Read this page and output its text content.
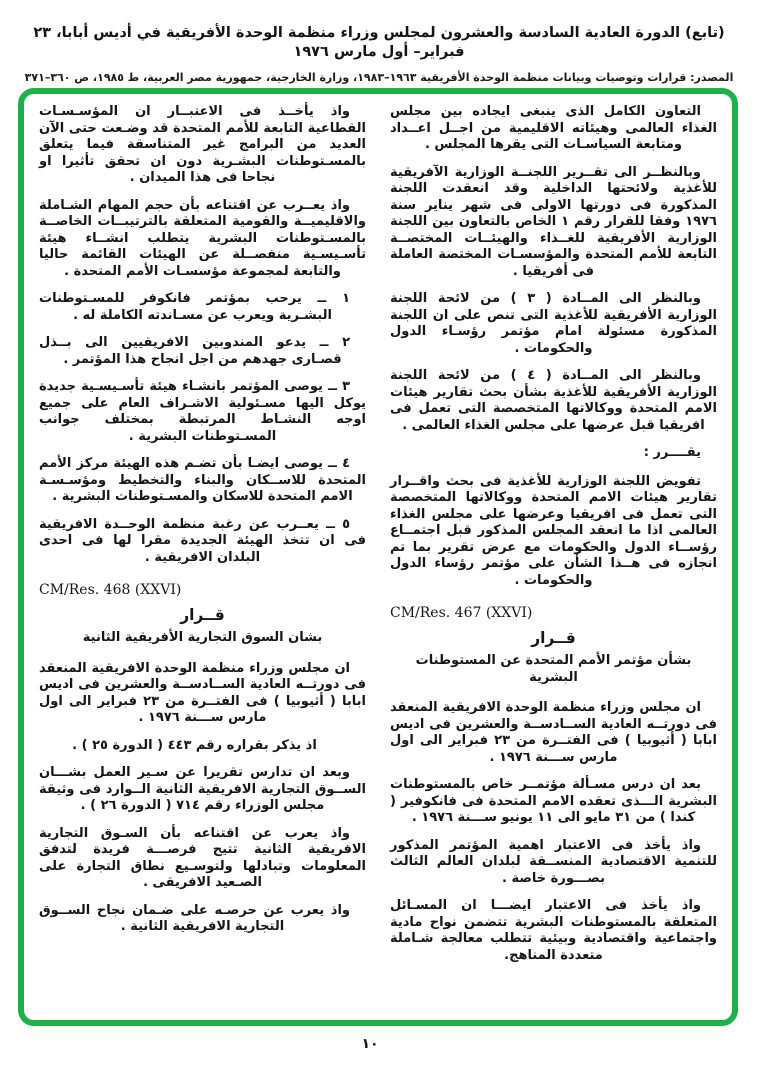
(تابع) الدورة العادية السادسة والعشرون لمجلس وزراء منظمة الوحدة الأفريقية في أديس أبابا، ٢٣ فبراير– أول مارس ١٩٧٦
المصدر: قرارات وتوصيات وبيانات منظمة الوحدة الأفريقية ١٩٦٣–١٩٨٣، وزارة الخارجية، جمهورية مصر العربية، ط ١٩٨٥، ص ٣٦٠–٣٧١

التعاون الكامل الذى ينبغى ايجاده بين مجلس الغذاء العالمى وهيئاته الاقليمية من اجــل اعــداد ومتابعة السياسـات التى يقرها المجلس .

وبالنظــر الى تقــرير اللجنــة الوزارية الآفريقية للأغذية ولائحتها الداخلية وقد انعقدت اللجنة المذكورة فى دورتها الاولى فى شهر يناير سنة ١٩٧٦ وفقا للقرار رقم ١ الخاص بالتعاون بين اللجنة الوزارية الأفريقية للغــذاء والهيئــات المختصــة التابعة للأمم المتحدة والمؤسسـات المختصة العاملة فى أفريقيا .

وبالنظر الى المــادة ( ٣ ) من لائحة اللجنة الوزارية الأفريقية للأغذية التى تنص على ان اللجنة المذكورة مسئولة امام مؤتمر رؤسـاء الدول والحكومات .

وبالنظر الى المــادة ( ٤ ) من لائحة اللجنة الوزارية الأفريقية للأغذية بشأن بحث تقارير هيئات الامم المتحدة ووكالاتها المتخصصة التى تعمل فى افريقيا قبل عرضها على مجلس الغذاء العالمى .

يقــــرر :

تفويض اللجنة الوزارية للأغذية فى بحث واقــرار تقارير هيئات الامم المتحدة ووكالاتها المتخصصة التى تعمل فى افريقيا وعرضها على مجلس الغذاء العالمى اذا ما انعقد المجلس المذكور قبل اجتمــاع رؤســاء الدول والحكومات مع عرض تقرير بما تم انجازه فى هــذا الشأن على مؤتمر رؤساء الدول والحكومات .

CM/Res. 467 (XXVI)
قــرار
بشأن مؤتمر الأمم المتحدة عن المستوطنات البشرية

ان مجلس وزراء منظمة الوحدة الافريقية المنعقد فى دورتــه العادية الســادســة والعشرين فى اديس ابابا ( أثيوبيا ) فى الفتــرة من ٢٣ فبراير الى اول مارس ســـنة ١٩٧٦ .

بعد ان درس مسـألة مؤتمــر خاص بالمستوطنات البشرية الـــذى تعقده الامم المتحدة فى فانكوفير ( كندا ) من ٣١ مايو الى ١١ يونيو ســـنة ١٩٧٦ .

واذ يأخذ فى الاعتبار اهمية المؤتمر المذكور للتنمية الاقتصادية المنســقة لبلدان العالم الثالث بصـــورة خاصة .

واذ يأخذ فى الاعتبار ايضـــا ان المسـائل المتعلقة بالمستوطنات البشرية تتضمن نواح مادية واجتماعية واقتصادية وبيئية تتطلب معالجة شـاملة متعددة المناهج.

واذ يأخــذ فى الاعتبــار ان المؤسـسـات القطاعية التابعة للأمم المتحدة قد وضـعت حتى الآن العديد من البرامج غير المتناسقة فيما يتعلق بالمسـتوطنات البشـرية دون ان تحقق تأثيرا او نجاحا فى هذا الميدان .

واذ يعــرب عن اقتناعه بأن حجم المهام الشـاملة والاقليميــة والقومية المتعلقة بالترتيبــات الخاصــة بالمسـتوطنات البشرية يتطلب انشــاء هيئة تأسـيسـية منفصــلة عن الهيئات القائمة حاليا والتابعة لمجموعة مؤسسـات الأمم المتحدة .

١ ــ يرحب بمؤتمر فانكوفر للمسـتوطنات البشـرية ويعرب عن مسـاندته الكاملة له .

٢ ــ يدعو المندوبين الافريقيين الى بــذل قصـارى جهدهم من اجل انجاح هذا المؤتمر .

٣ ــ يوصى المؤتمر بانشـاء هيئة تأسـيسـية جديدة يوكل اليها مسـئولية الاشـراف العام على جميع اوجه النشـاط المرتبطة بمختلف جوانب المسـتوطنات البشرية .

٤ ــ يوصى ايضـا بأن تضـم هذه الهيئة مركز الأمم المتحدة للاســكان والبناء والتخطيط ومؤسـسـة الامم المتحدة للاسكان والمسـتوطنات البشرية .

٥ ــ يعــرب عن رغبة منظمة الوحــدة الافريقية فى ان تتخذ الهيئة الجديدة مقرا لها فى احدى البلدان الافريقية .

CM/Res. 468 (XXVI)
قــرار
بشان السوق التجارية الأفريقية الثانية

ان مجلس وزراء منظمة الوحدة الافريقية المنعقد فى دورتــه العادية الســادســة والعشرين فى اديس ابابا ( أثيوبيا ) فى الفتــرة من ٢٣ فبراير الى اول مارس ســـنة ١٩٧٦ .

اذ يذكر بقراره رقم ٤٤٣ ( الدورة ٢٥ ) .

وبعد ان تدارس تقريرا عن سـير العمل بشـــان الســوق التجارية الافريقية الثانية الــوارد فى وثيقة مجلس الوزراء رقم ٧١٤ ( الدورة ٢٦ ) .

واذ يعرب عن اقتناعه بأن السـوق التجارية الافريقية الثانية تتيح فرصـــة فريدة لتدفق المعلومات وتبادلها ولتوسـيع نطاق التجارة على الصـعيد الافريقى .

واذ يعرب عن حرصـه على ضـمان نجاح الســوق التجارية الافريقية الثانية .

١٠
